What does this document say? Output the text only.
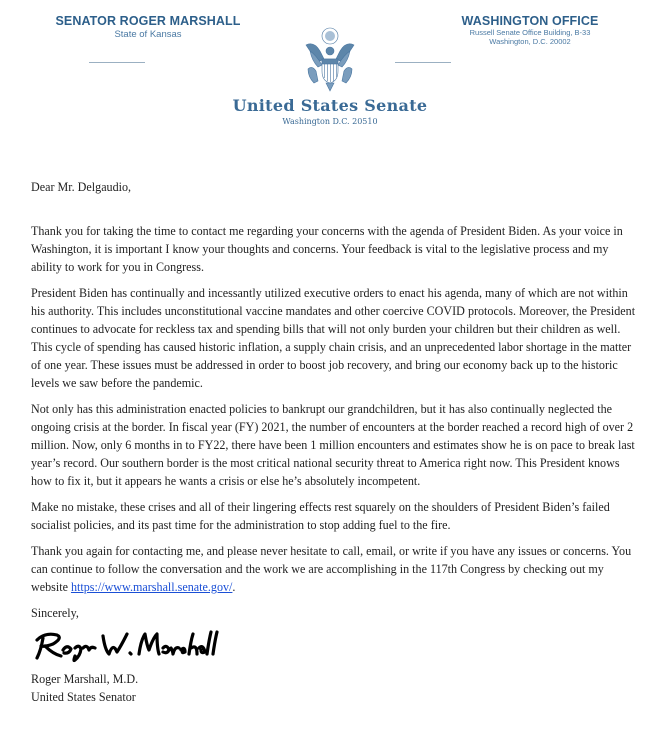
SENATOR ROGER MARSHALL
State of Kansas
WASHINGTON OFFICE
Russell Senate Office Building, B-33
Washington, D.C. 20002
United States Senate
Washington D.C. 20510

Dear Mr. Delgaudio,

Thank you for taking the time to contact me regarding your concerns with the agenda of President Biden. As your voice in Washington, it is important I know your thoughts and concerns. Your feedback is vital to the legislative process and my ability to work for you in Congress.

President Biden has continually and incessantly utilized executive orders to enact his agenda, many of which are not within his authority. This includes unconstitutional vaccine mandates and other coercive COVID protocols. Moreover, the President continues to advocate for reckless tax and spending bills that will not only burden your children but their children as well. This cycle of spending has caused historic inflation, a supply chain crisis, and an unprecedented labor shortage in the matter of one year. These issues must be addressed in order to boost job recovery, and bring our economy back up to the historic levels we saw before the pandemic.

Not only has this administration enacted policies to bankrupt our grandchildren, but it has also continually neglected the ongoing crisis at the border. In fiscal year (FY) 2021, the number of encounters at the border reached a record high of over 2 million. Now, only 6 months in to FY22, there have been 1 million encounters and estimates show he is on pace to break last year’s record. Our southern border is the most critical national security threat to America right now. This President knows how to fix it, but it appears he wants a crisis or else he’s absolutely incompetent.

Make no mistake, these crises and all of their lingering effects rest squarely on the shoulders of President Biden’s failed socialist policies, and its past time for the administration to stop adding fuel to the fire.

Thank you again for contacting me, and please never hesitate to call, email, or write if you have any issues or concerns. You can continue to follow the conversation and the work we are accomplishing in the 117th Congress by checking out my website https://www.marshall.senate.gov/.

Sincerely,

Roger Marshall, M.D.

United States Senator
